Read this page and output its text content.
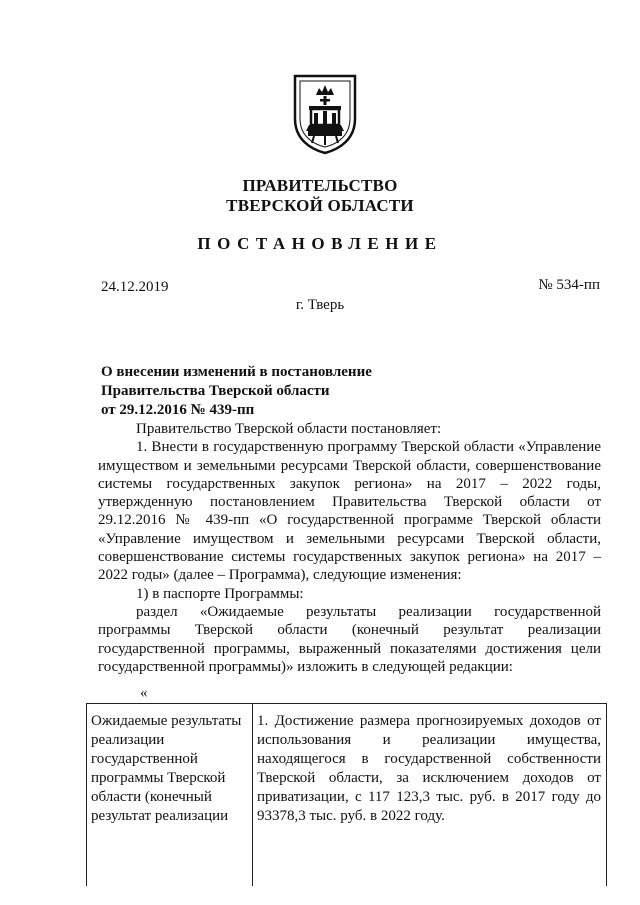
ПРАВИТЕЛЬСТВО
ТВЕРСКОЙ ОБЛАСТИ
ПОСТАНОВЛЕНИЕ
24.12.2019	№ 534-пп
г. Тверь
О внесении изменений в постановление
Правительства Тверской области
от 29.12.2016 № 439-пп

Правительство Тверской области постановляет:

1. Внести в государственную программу Тверской области «Управление имуществом и земельными ресурсами Тверской области, совершенствование системы государственных закупок региона» на 2017 – 2022 годы, утвержденную постановлением Правительства Тверской области от 29.12.2016 № 439-пп «О государственной программе Тверской области «Управление имуществом и земельными ресурсами Тверской области, совершенствование системы государственных закупок региона» на 2017 – 2022 годы» (далее – Программа), следующие изменения:

1) в паспорте Программы:

раздел «Ожидаемые результаты реализации государственной программы Тверской области (конечный результат реализации государственной программы, выраженный показателями достижения цели государственной программы)» изложить в следующей редакции:

«
Ожидаемые результаты реализации государственной программы Тверской области (конечный результат реализации	1. Достижение размера прогнозируемых доходов от использования и реализации имущества, находящегося в государственной собственности Тверской области, за исключением доходов от приватизации, с 117 123,3 тыс. руб. в 2017 году до 93378,3 тыс. руб. в 2022 году.
